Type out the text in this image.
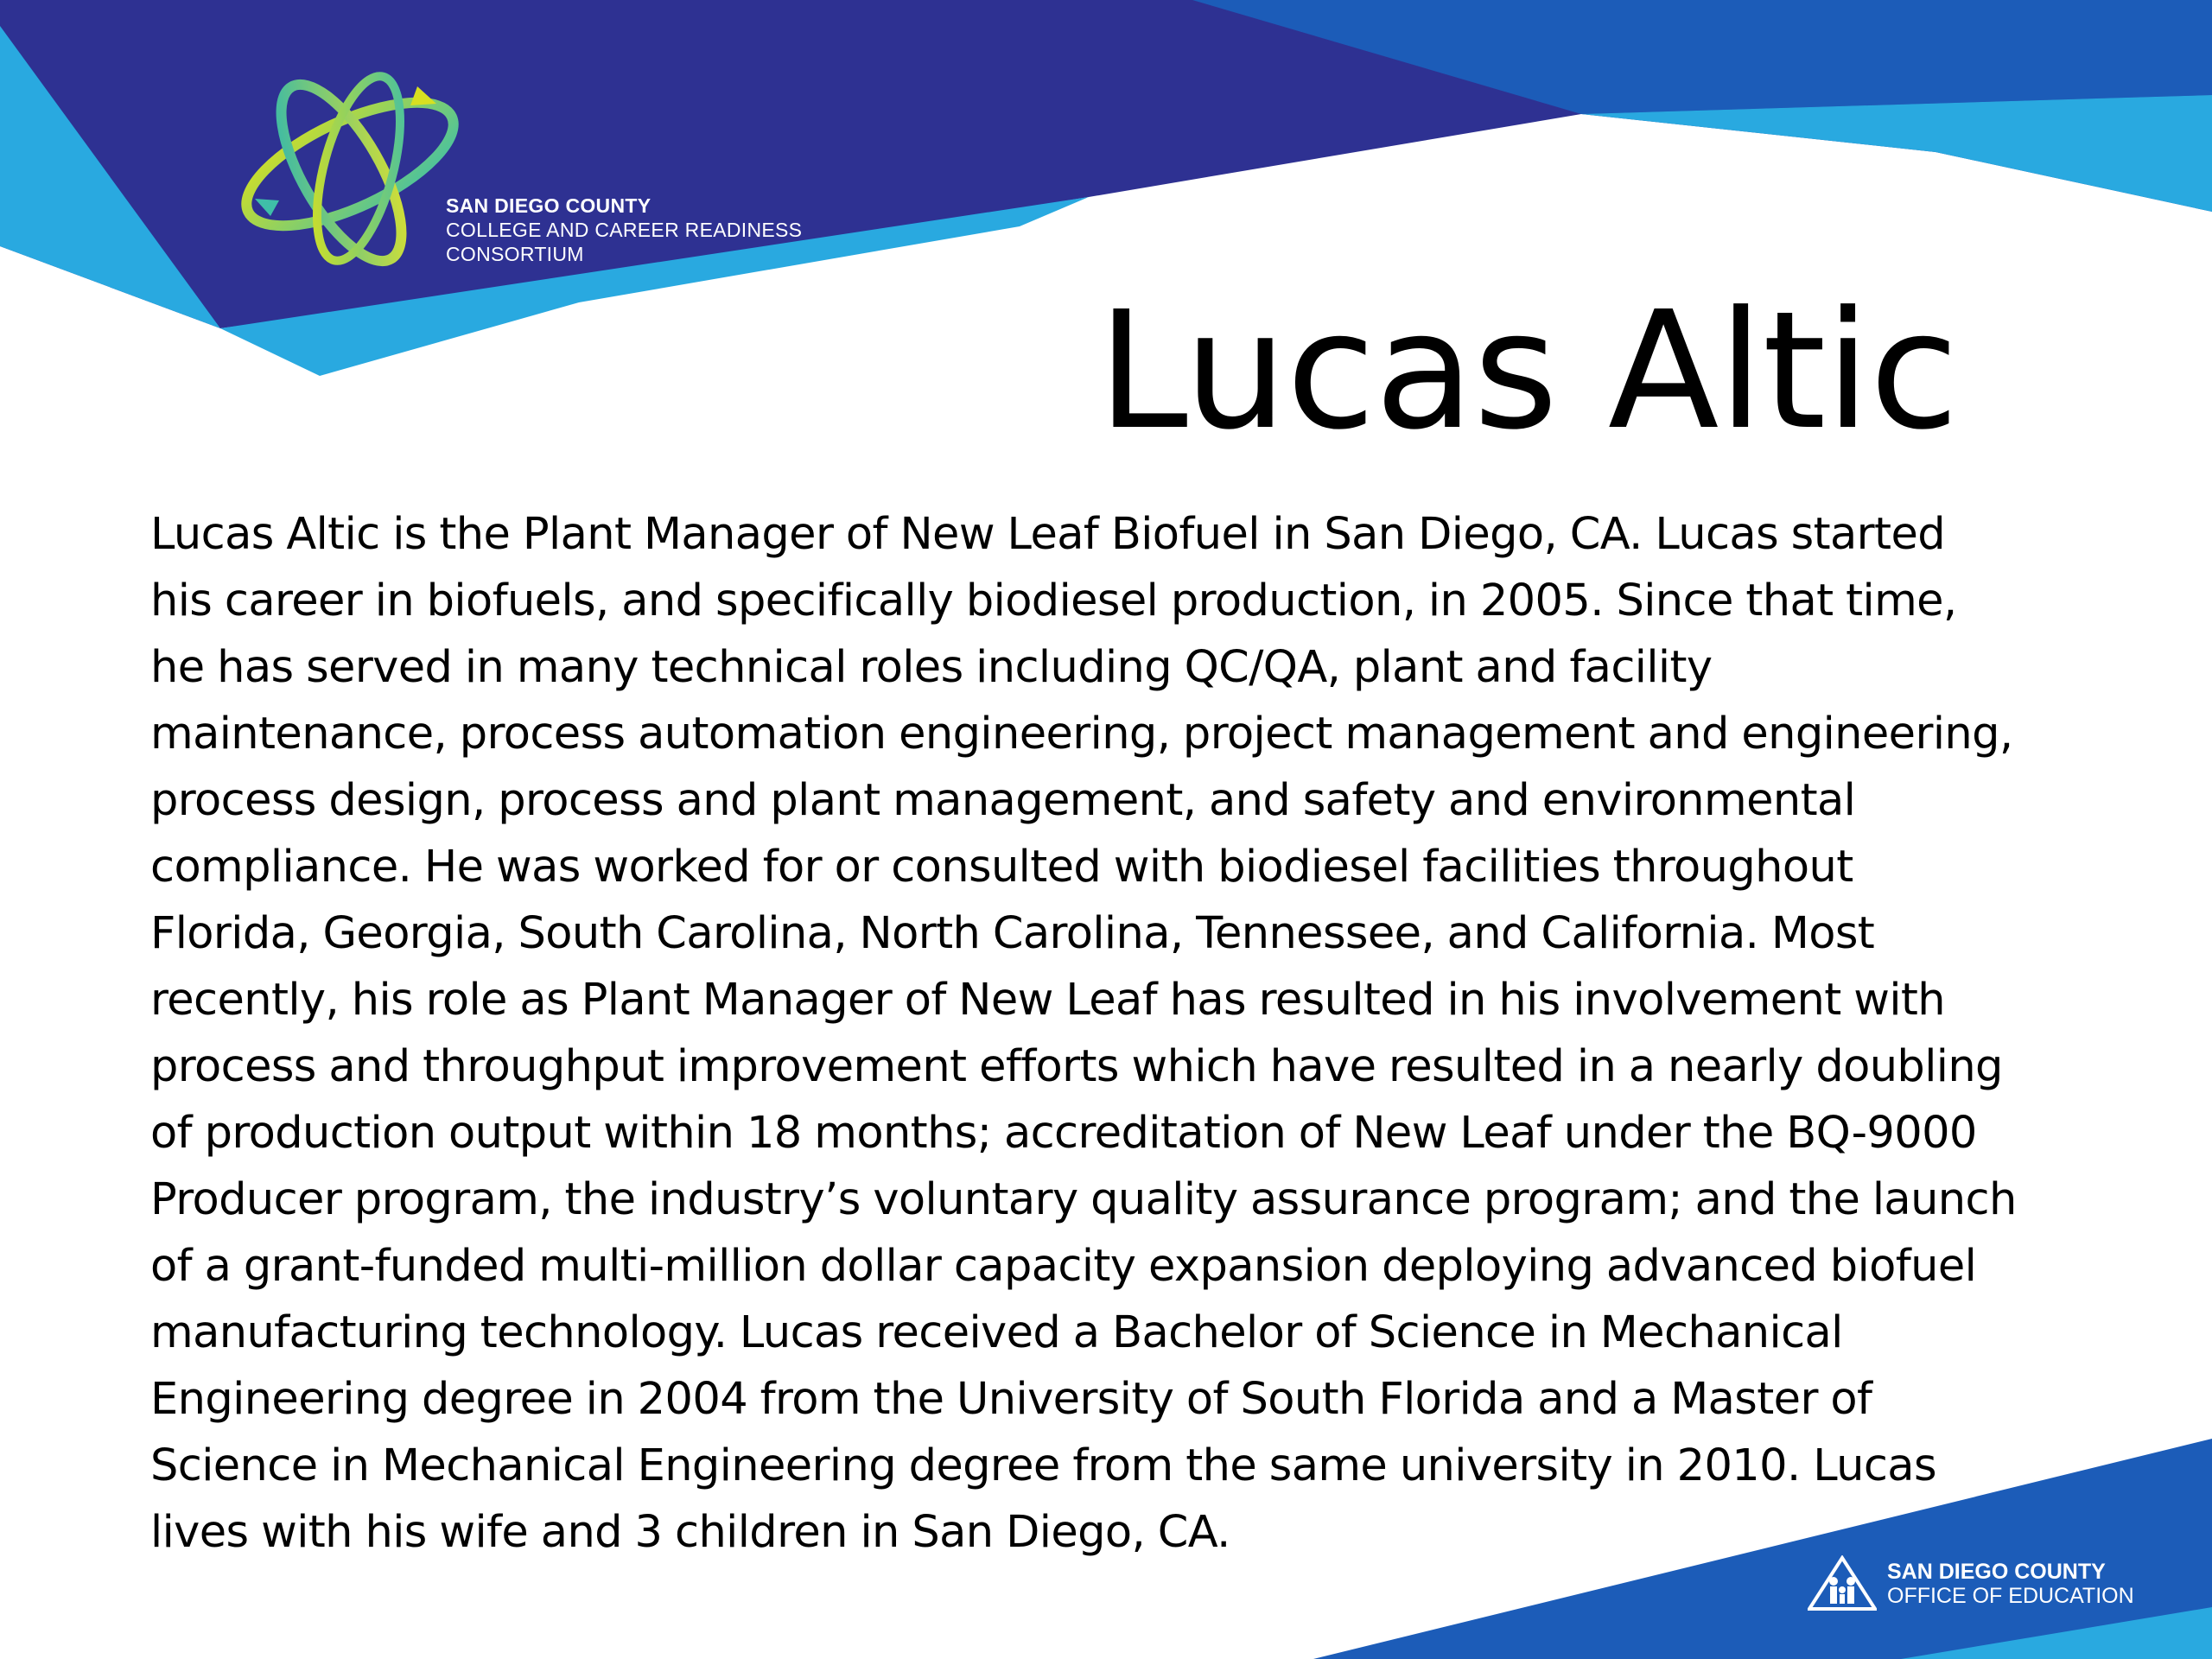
SAN DIEGO COUNTY
COLLEGE AND CAREER READINESS
CONSORTIUM
Lucas Altic
Lucas Altic is the Plant Manager of New Leaf Biofuel in San Diego, CA. Lucas started
his career in biofuels, and specifically biodiesel production, in 2005. Since that time,
he has served in many technical roles including QC/QA, plant and facility
maintenance, process automation engineering, project management and engineering,
process design, process and plant management, and safety and environmental
compliance. He was worked for or consulted with biodiesel facilities throughout
Florida, Georgia, South Carolina, North Carolina, Tennessee, and California. Most
recently, his role as Plant Manager of New Leaf has resulted in his involvement with
process and throughput improvement efforts which have resulted in a nearly doubling
of production output within 18 months; accreditation of New Leaf under the BQ-9000
Producer program, the industry’s voluntary quality assurance program; and the launch
of a grant-funded multi-million dollar capacity expansion deploying advanced biofuel
manufacturing technology. Lucas received a Bachelor of Science in Mechanical
Engineering degree in 2004 from the University of South Florida and a Master of
Science in Mechanical Engineering degree from the same university in 2010. Lucas
lives with his wife and 3 children in San Diego, CA.
SAN DIEGO COUNTY
OFFICE OF EDUCATION
